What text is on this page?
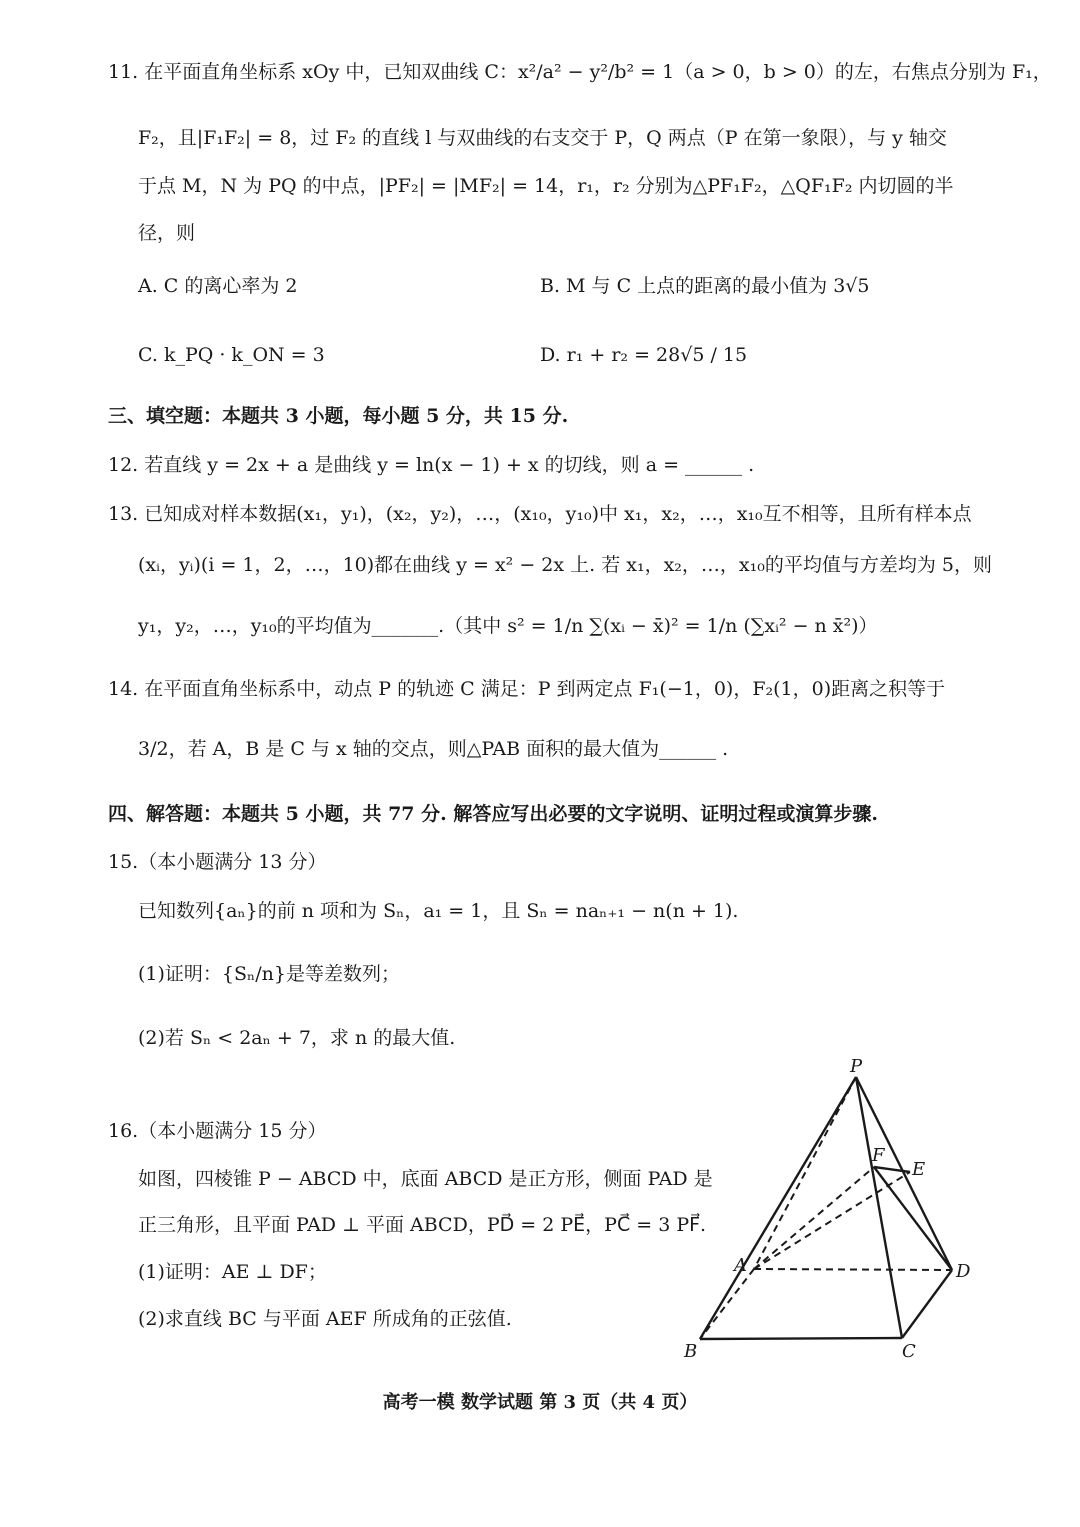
11. 在平面直角坐标系 xOy 中，已知双曲线 C：x²/a² − y²/b² = 1（a > 0，b > 0）的左，右焦点分别为 F₁，
F₂，且|F₁F₂| = 8，过 F₂ 的直线 l 与双曲线的右支交于 P，Q 两点（P 在第一象限），与 y 轴交
于点 M，N 为 PQ 的中点，|PF₂| = |MF₂| = 14，r₁，r₂ 分别为△PF₁F₂，△QF₁F₂ 内切圆的半
径，则
A. C 的离心率为 2	B. M 与 C 上点的距离的最小值为 3√5
C. k_PQ · k_ON = 3	D. r₁ + r₂ = 28√5 / 15
三、填空题：本题共 3 小题，每小题 5 分，共 15 分.
12. 若直线 y = 2x + a 是曲线 y = ln(x − 1) + x 的切线，则 a = ______ .
13. 已知成对样本数据(x₁，y₁)，(x₂，y₂)，…，(x₁₀，y₁₀)中 x₁，x₂，…，x₁₀互不相等，且所有样本点
(xᵢ，yᵢ)(i = 1，2，…，10)都在曲线 y = x² − 2x 上. 若 x₁，x₂，…，x₁₀的平均值与方差均为 5，则
y₁，y₂，…，y₁₀的平均值为_______.（其中 s² = 1/n ∑(xᵢ − x̄)² = 1/n (∑xᵢ² − n x̄²)）
14. 在平面直角坐标系中，动点 P 的轨迹 C 满足：P 到两定点 F₁(−1，0)，F₂(1，0)距离之积等于
3/2，若 A，B 是 C 与 x 轴的交点，则△PAB 面积的最大值为______ .
四、解答题：本题共 5 小题，共 77 分. 解答应写出必要的文字说明、证明过程或演算步骤.
15.（本小题满分 13 分）
已知数列{aₙ}的前 n 项和为 Sₙ，a₁ = 1，且 Sₙ = naₙ₊₁ − n(n + 1).
(1)证明：{Sₙ/n}是等差数列；
(2)若 Sₙ < 2aₙ + 7，求 n 的最大值.
16.（本小题满分 15 分）
如图，四棱锥 P − ABCD 中，底面 ABCD 是正方形，侧面 PAD 是
正三角形，且平面 PAD ⊥ 平面 ABCD，PD⃗ = 2 PE⃗，PC⃗ = 3 PF⃗.
(1)证明：AE ⊥ DF；
(2)求直线 BC 与平面 AEF 所成角的正弦值.
P
A
B	C
D
E
F
高考一模 数学试题 第 3 页（共 4 页）
